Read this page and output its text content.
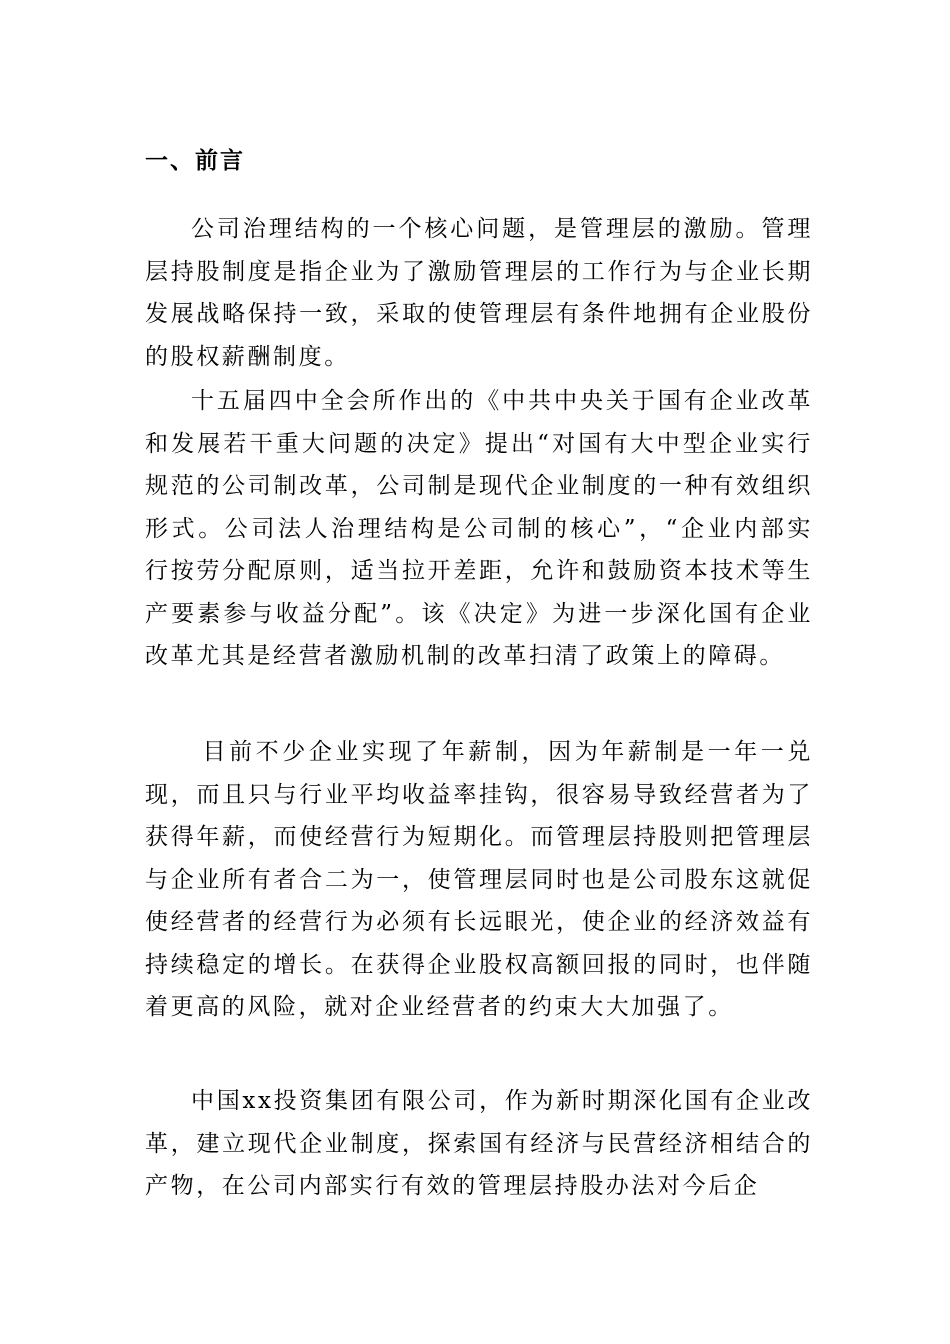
一、前言

公司治理结构的一个核心问题，是管理层的激励。管理层持股制度是指企业为了激励管理层的工作行为与企业长期发展战略保持一致，采取的使管理层有条件地拥有企业股份的股权薪酬制度。

十五届四中全会所作出的《中共中央关于国有企业改革和发展若干重大问题的决定》提出“对国有大中型企业实行规范的公司制改革，公司制是现代企业制度的一种有效组织形式。公司法人治理结构是公司制的核心”，“企业内部实行按劳分配原则，适当拉开差距，允许和鼓励资本技术等生产要素参与收益分配”。该《决定》为进一步深化国有企业改革尤其是经营者激励机制的改革扫清了政策上的障碍。

目前不少企业实现了年薪制，因为年薪制是一年一兑现，而且只与行业平均收益率挂钩，很容易导致经营者为了获得年薪，而使经营行为短期化。而管理层持股则把管理层与企业所有者合二为一，使管理层同时也是公司股东这就促使经营者的经营行为必须有长远眼光，使企业的经济效益有持续稳定的增长。在获得企业股权高额回报的同时，也伴随着更高的风险，就对企业经营者的约束大大加强了。

中国xx投资集团有限公司，作为新时期深化国有企业改革，建立现代企业制度，探索国有经济与民营经济相结合的产物，在公司内部实行有效的管理层持股办法对今后企
